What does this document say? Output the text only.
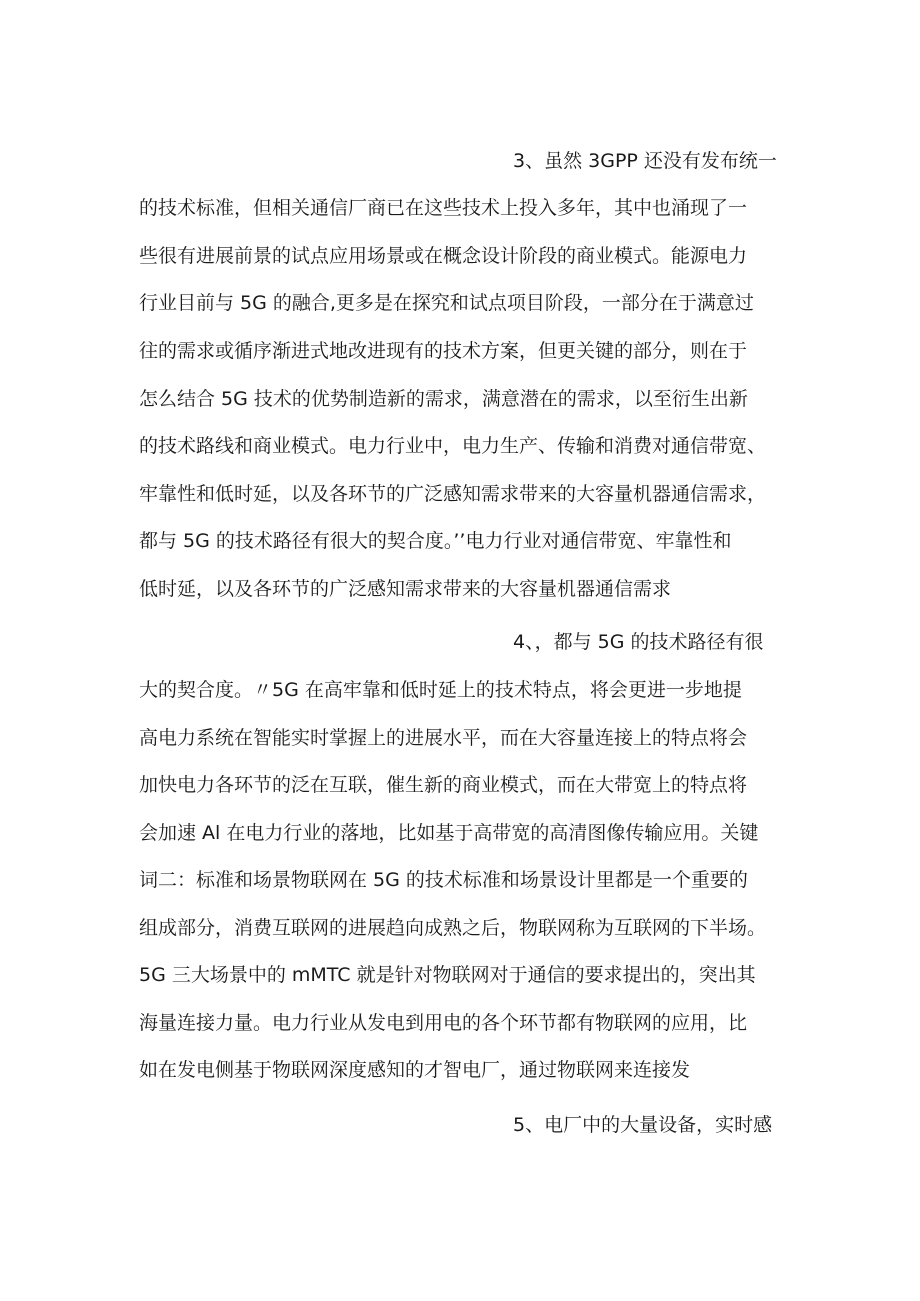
3、虽然 3GPP 还没有发布统一
的技术标准，但相关通信厂商已在这些技术上投入多年，其中也涌现了一
些很有进展前景的试点应用场景或在概念设计阶段的商业模式。能源电力
行业目前与 5G 的融合,更多是在探究和试点项目阶段，一部分在于满意过
往的需求或循序渐进式地改进现有的技术方案，但更关键的部分，则在于
怎么结合 5G 技术的优势制造新的需求，满意潜在的需求，以至衍生出新
的技术路线和商业模式。电力行业中，电力生产、传输和消费对通信带宽、
牢靠性和低时延，以及各环节的广泛感知需求带来的大容量机器通信需求，
都与 5G 的技术路径有很大的契合度。’’电力行业对通信带宽、牢靠性和
低时延，以及各环节的广泛感知需求带来的大容量机器通信需求
4、，都与 5G 的技术路径有很
大的契合度。〃5G 在高牢靠和低时延上的技术特点，将会更进一步地提
高电力系统在智能实时掌握上的进展水平，而在大容量连接上的特点将会
加快电力各环节的泛在互联，催生新的商业模式，而在大带宽上的特点将
会加速 Al 在电力行业的落地，比如基于高带宽的高清图像传输应用。关键
词二：标准和场景物联网在 5G 的技术标准和场景设计里都是一个重要的
组成部分，消费互联网的进展趋向成熟之后，物联网称为互联网的下半场。
5G 三大场景中的 mMTC 就是针对物联网对于通信的要求提出的，突出其
海量连接力量。电力行业从发电到用电的各个环节都有物联网的应用，比
如在发电侧基于物联网深度感知的才智电厂，通过物联网来连接发
5、电厂中的大量设备，实时感
